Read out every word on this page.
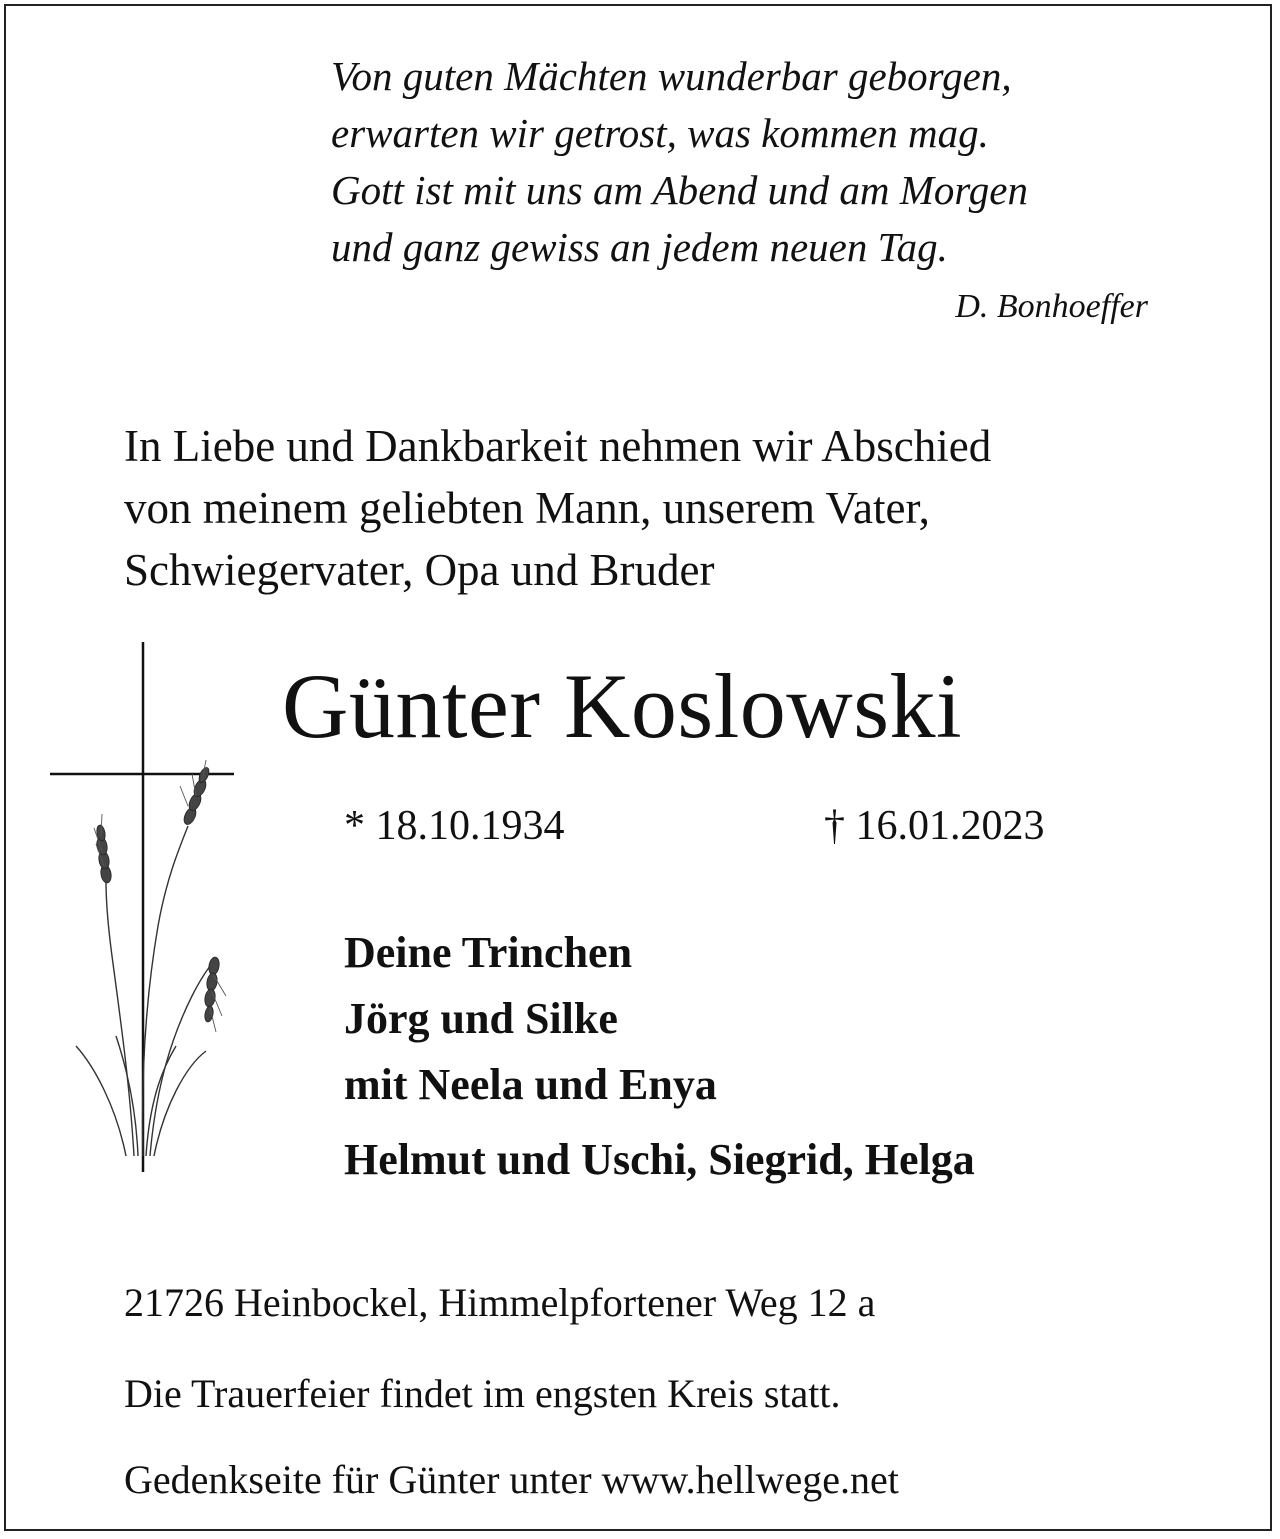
Von guten Mächten wunderbar geborgen,
erwarten wir getrost, was kommen mag.
Gott ist mit uns am Abend und am Morgen
und ganz gewiss an jedem neuen Tag.
D. Bonhoeffer
In Liebe und Dankbarkeit nehmen wir Abschied
von meinem geliebten Mann, unserem Vater,
Schwiegervater, Opa und Bruder
Günter Koslowski
* 18.10.1934	† 16.01.2023
Deine Trinchen
Jörg und Silke
mit Neela und Enya
Helmut und Uschi, Siegrid, Helga
21726 Heinbockel, Himmelpfortener Weg 12 a
Die Trauerfeier findet im engsten Kreis statt.
Gedenkseite für Günter unter www.hellwege.net
